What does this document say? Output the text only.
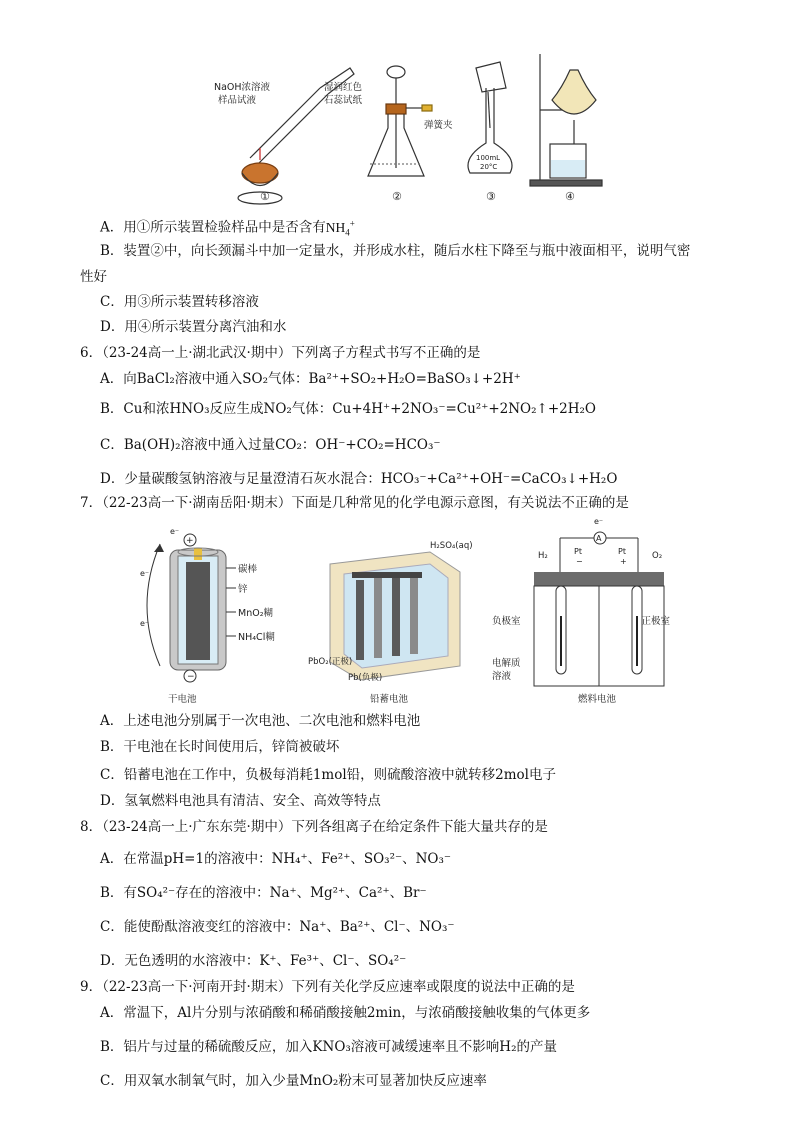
NaOH浓溶液
样品试液
湿润红色
石蕊试纸
①
弹簧夹
②
100mL
20°C
③	④
A．用①所示装置检验样品中是否含有$NH_4^+$
B．装置②中，向长颈漏斗中加一定量水，并形成水柱，随后水柱下降至与瓶中液面相平，说明气密
性好
C．用③所示装置转移溶液
D．用④所示装置分离汽油和水
6．（23-24高一上·湖北武汉·期中）下列离子方程式书写不正确的是
A．向BaCl₂溶液中通入SO₂气体：Ba²⁺+SO₂+H₂O=BaSO₃↓+2H⁺
B．Cu和浓HNO₃反应生成NO₂气体：Cu+4H⁺+2NO₃⁻=Cu²⁺+2NO₂↑+2H₂O
C．Ba(OH)₂溶液中通入过量CO₂：OH⁻+CO₂=HCO₃⁻
D．少量碳酸氢钠溶液与足量澄清石灰水混合：HCO₃⁻+Ca²⁺+OH⁻=CaCO₃↓+H₂O
7．（22-23高一下·湖南岳阳·期末）下面是几种常见的化学电源示意图，有关说法不正确的是
e⁻
e⁻
e⁻
+
−
碳棒
锌
MnO₂糊
NH₄Cl糊
干电池
H₂SO₄(aq)
PbO₂(正极)
Pb(负极)
铅蓄电池
e⁻
A
H₂	O₂
Pt	Pt
−	+
负极室	正极室
电解质
溶液
燃料电池
A．上述电池分别属于一次电池、二次电池和燃料电池
B．干电池在长时间使用后，锌筒被破坏
C．铅蓄电池在工作中，负极每消耗1mol铅，则硫酸溶液中就转移2mol电子
D．氢氧燃料电池具有清洁、安全、高效等特点
8．（23-24高一上·广东东莞·期中）下列各组离子在给定条件下能大量共存的是
A．在常温pH=1的溶液中：NH₄⁺、Fe²⁺、SO₃²⁻、NO₃⁻
B．有SO₄²⁻存在的溶液中：Na⁺、Mg²⁺、Ca²⁺、Br⁻
C．能使酚酞溶液变红的溶液中：Na⁺、Ba²⁺、Cl⁻、NO₃⁻
D．无色透明的水溶液中：K⁺、Fe³⁺、Cl⁻、SO₄²⁻
9．（22-23高一下·河南开封·期末）下列有关化学反应速率或限度的说法中正确的是
A．常温下，Al片分别与浓硝酸和稀硝酸接触2min，与浓硝酸接触收集的气体更多
B．铝片与过量的稀硫酸反应，加入KNO₃溶液可减缓速率且不影响H₂的产量
C．用双氧水制氧气时，加入少量MnO₂粉末可显著加快反应速率
